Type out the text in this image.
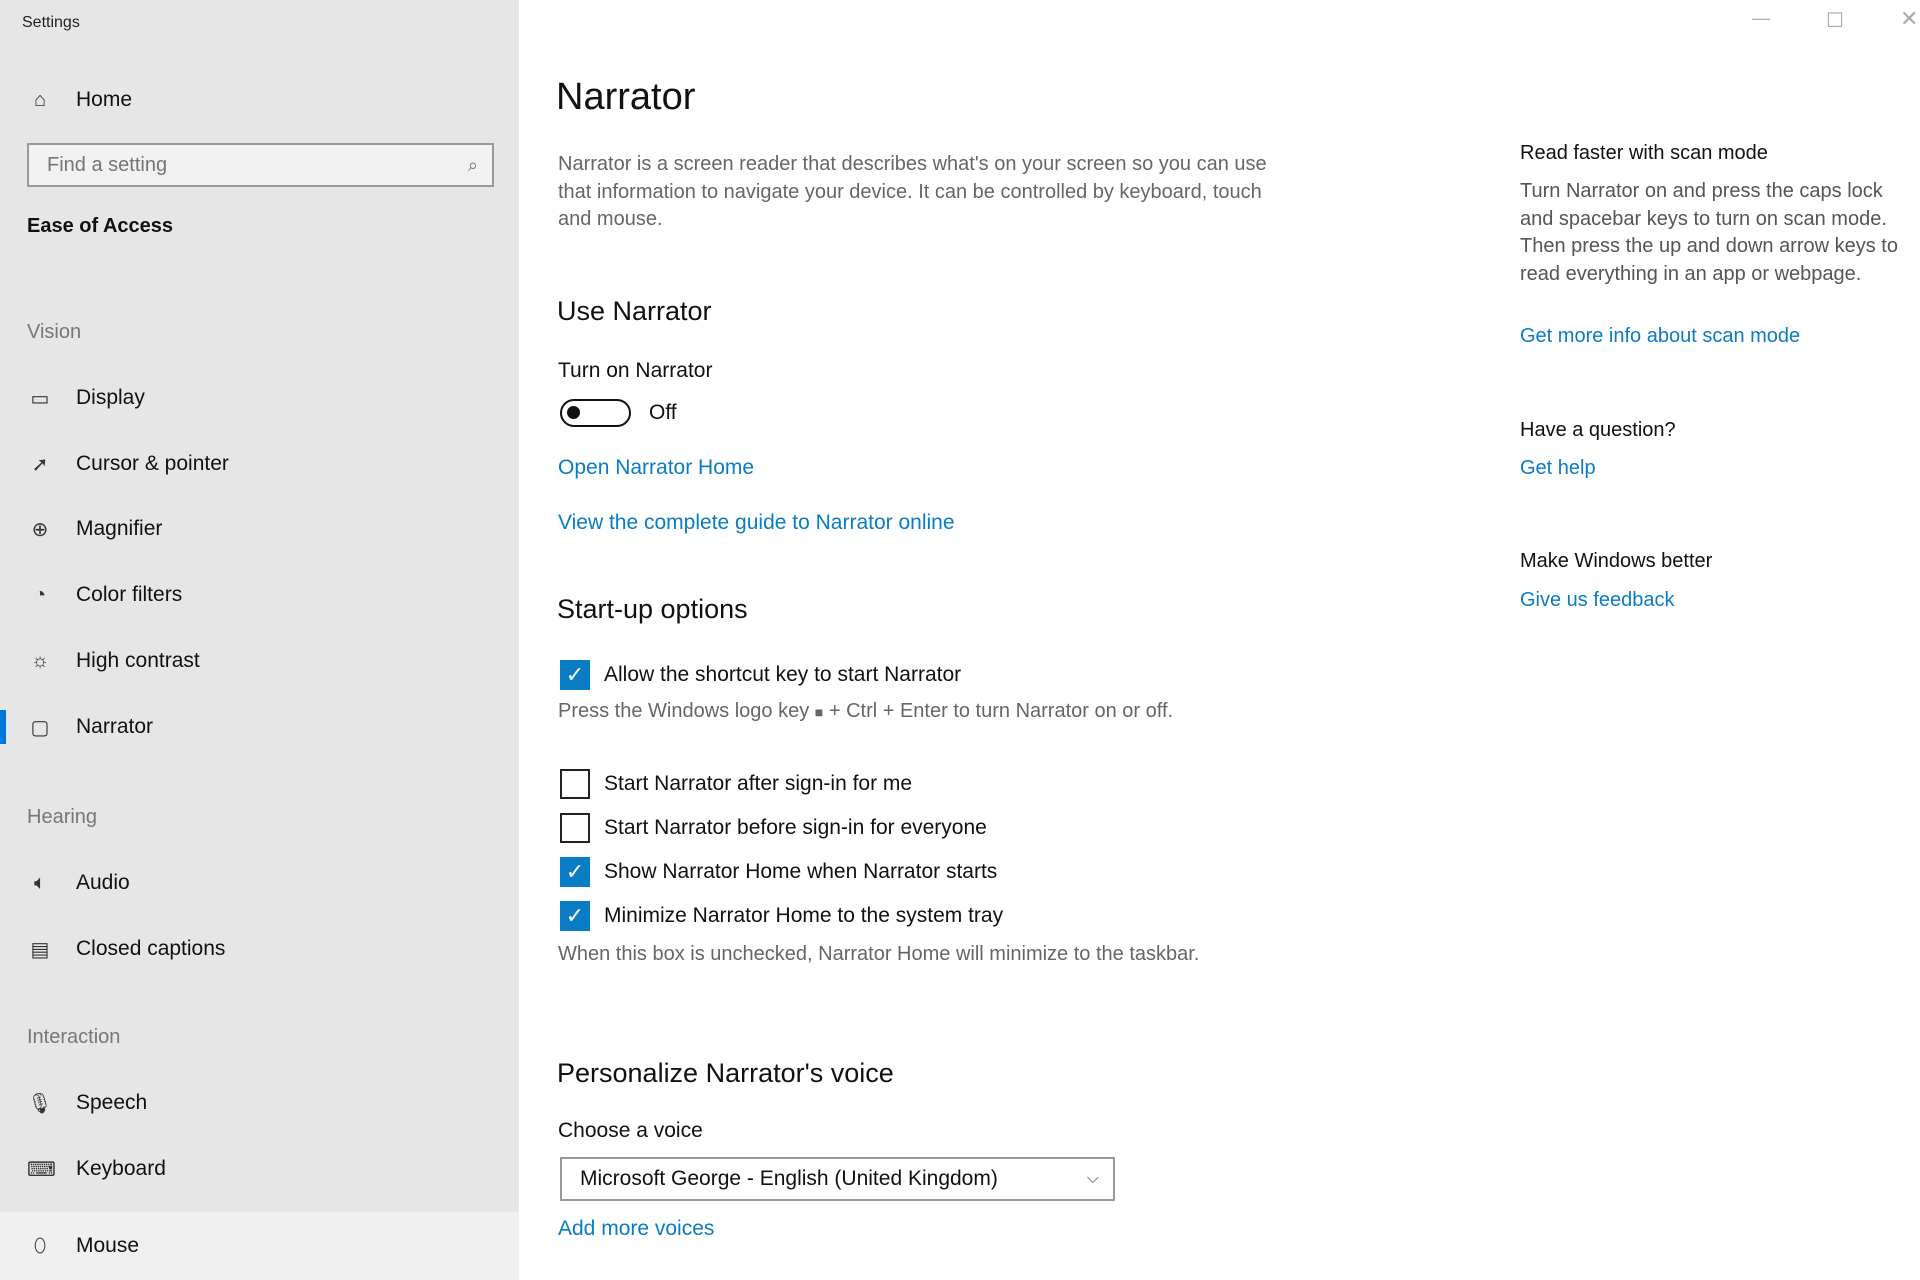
Settings
⌂	Home
Find a setting
⌕
Ease of Access
Vision
▭ Display
➚ Cursor & pointer
⊕ Magnifier
◔	Color filters
☼ High contrast
▢ Narrator
Hearing
🔈︎	Audio
▤ Closed captions
Interaction
🎙︎ Speech
⌨ Keyboard
⬯	Mouse
—	☐	✕
Narrator
Narrator is a screen reader that describes what's on your screen so you can use that information to navigate your device. It can be controlled by keyboard, touch and mouse.
Use Narrator
Turn on Narrator
Off
Open Narrator Home
View the complete guide to Narrator online
Start-up options
✓ Allow the shortcut key to start Narrator
Press the Windows logo key ■ + Ctrl + Enter to turn Narrator on or off.
Start Narrator after sign-in for me
Start Narrator before sign-in for everyone
✓ Show Narrator Home when Narrator starts
✓ Minimize Narrator Home to the system tray
When this box is unchecked, Narrator Home will minimize to the taskbar.
Personalize Narrator's voice
Choose a voice
Microsoft George - English (United Kingdom)	⌵
Add more voices
Read faster with scan mode
Turn Narrator on and press the caps lock and spacebar keys to turn on scan mode. Then press the up and down arrow keys to read everything in an app or webpage.
Get more info about scan mode
Have a question?
Get help
Make Windows better
Give us feedback
